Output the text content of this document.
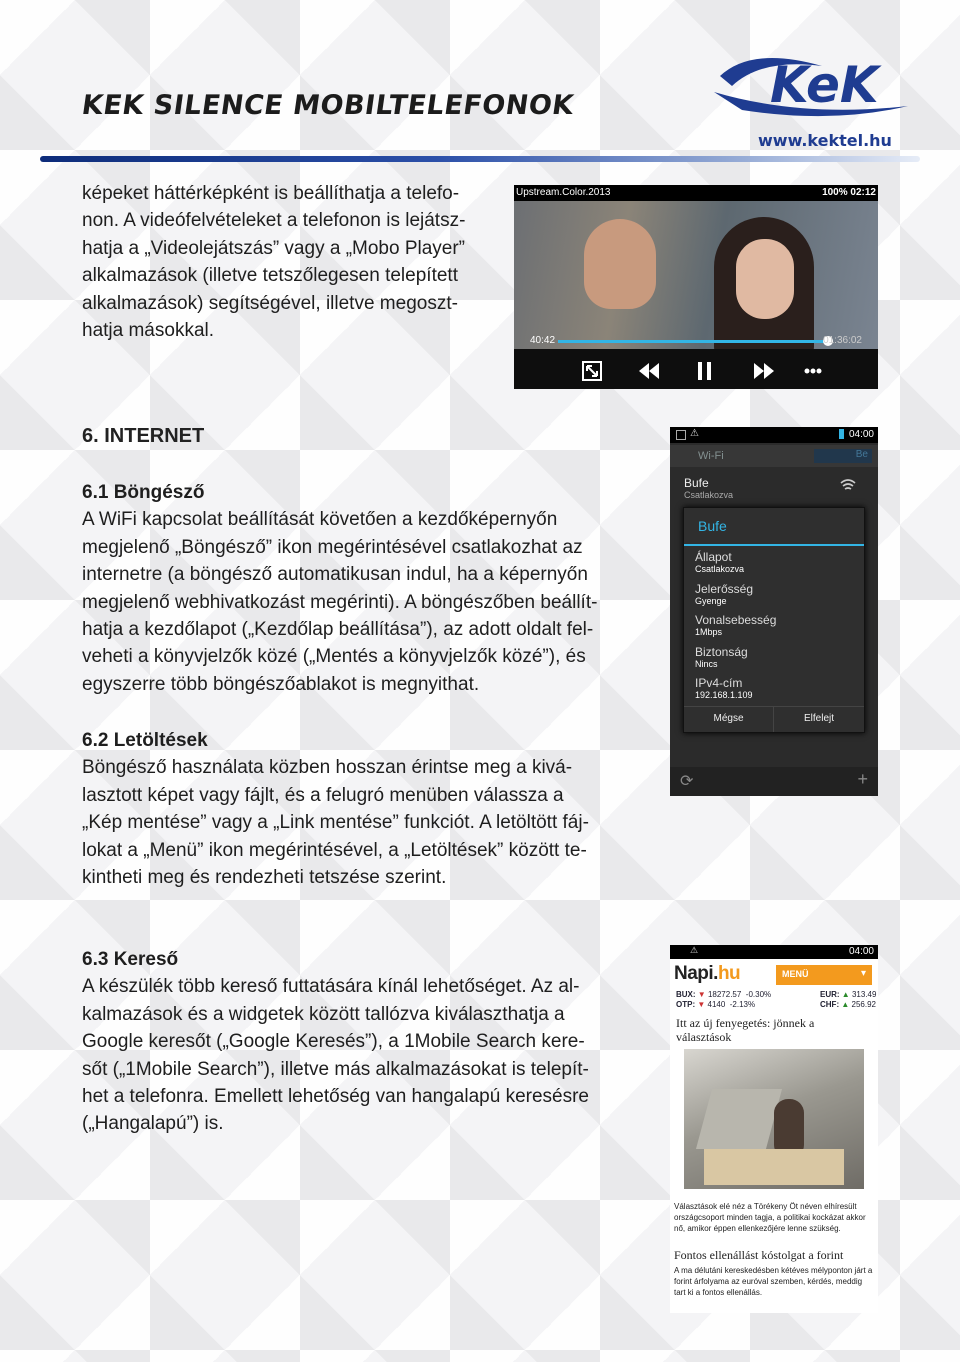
KEK SILENCE MOBILTELEFONOK	KeK
www.kektel.hu
képeket háttérképként is beállíthatja a telefo-
non. A videófelvételeket a telefonon is lejátsz-
hatja a „Videolejátszás” vagy a „Mobo Player”
alkalmazások (illetve tetszőlegesen telepített
alkalmazások) segítségével, illetve megoszt-
hatja másokkal.
Upstream.Color.2013	100% 02:12
40:42	01:36:02
6. INTERNET
6.1 Böngésző
A WiFi kapcsolat beállítását követően a kezdőképernyőn
megjelenő „Böngésző” ikon megérintésével csatlakozhat az
internetre (a böngésző automatikusan indul, ha a képernyőn
megjelenő webhivatkozást megérinti). A böngészőben beállít-
hatja a kezdőlapot („Kezdőlap beállítása”), az adott oldalt fel-
veheti a könyvjelzők közé („Mentés a könyvjelzők közé”), és
egyszerre több böngészőablakot is megnyithat.
6.2 Letöltések
Böngésző használata közben hosszan érintse meg a kivá-
lasztott képet vagy fájlt, és a felugró menüben válassza a
„Kép mentése” vagy a „Link mentése” funkciót. A letöltött fáj-
lokat a „Menü” ikon megérintésével, a „Letöltések” között te-
kintheti meg és rendezheti tetszése szerint.
6.3 Kereső
A készülék több kereső futtatására kínál lehetőséget. Az al-
kalmazások és a widgetek között tallózva kiválaszthatja a
Google keresőt („Google Keresés”), a 1Mobile Search kere-
sőt („1Mobile Search”), illetve más alkalmazásokat is telepít-
het a telefonra. Emellett lehetőség van hangalapú keresésre
(„Hangalapú”) is.
04:00
⚠
Wi-Fi	Be
Bufe
Csatlakozva
Bufe
Állapot
Csatlakozva
Jelerősség
Gyenge
Vonalsebesség
1Mbps
Biztonság
Nincs
IPv4-cím
192.168.1.109
Mégse	Elfelejt
⟳	+
04:00
⚠
Napi.hu	MENÜ	▾
BUX: ▼ 18272.57 -0.30%
OTP: ▼ 4140 -2.13%
EUR: ▲ 313.49
CHF: ▲ 256.92
Itt az új fenyegetés: jönnek a választások
Választások elé néz a Törékeny Öt néven elhíresült országcsoport minden tagja, a politikai kockázat akkor nő, amikor éppen ellenkezőjére lenne szükség.
Fontos ellenállást kóstolgat a forint
A ma délutáni kereskedésben kétéves mélyponton járt a forint árfolyama az euróval szemben, kérdés, meddig tart ki a fontos ellenállás.
